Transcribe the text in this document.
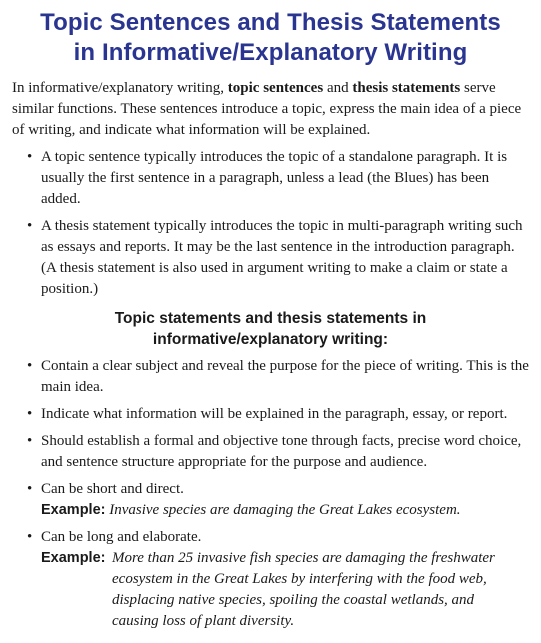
Topic Sentences and Thesis Statements
in Informative/Explanatory Writing

In informative/explanatory writing, topic sentences and thesis statements serve similar functions. These sentences introduce a topic, express the main idea of a piece of writing, and indicate what information will be explained.

• A topic sentence typically introduces the topic of a standalone paragraph. It is usually the first sentence in a paragraph, unless a lead (the Blues) has been added.
• A thesis statement typically introduces the topic in multi-paragraph writing such as essays and reports. It may be the last sentence in the introduction paragraph. (A thesis statement is also used in argument writing to make a claim or state a position.)
Topic statements and thesis statements in
informative/explanatory writing:
• Contain a clear subject and reveal the purpose for the piece of writing. This is the main idea.
• Indicate what information will be explained in the paragraph, essay, or report.
• Should establish a formal and objective tone through facts, precise word choice, and sentence structure appropriate for the purpose and audience.
• Can be short and direct.
Example: Invasive species are damaging the Great Lakes ecosystem.
• Can be long and elaborate.
Example: More than 25 invasive fish species are damaging the freshwater
ecosystem in the Great Lakes by interfering with the food web,
displacing native species, spoiling the coastal wetlands, and
causing loss of plant diversity.
